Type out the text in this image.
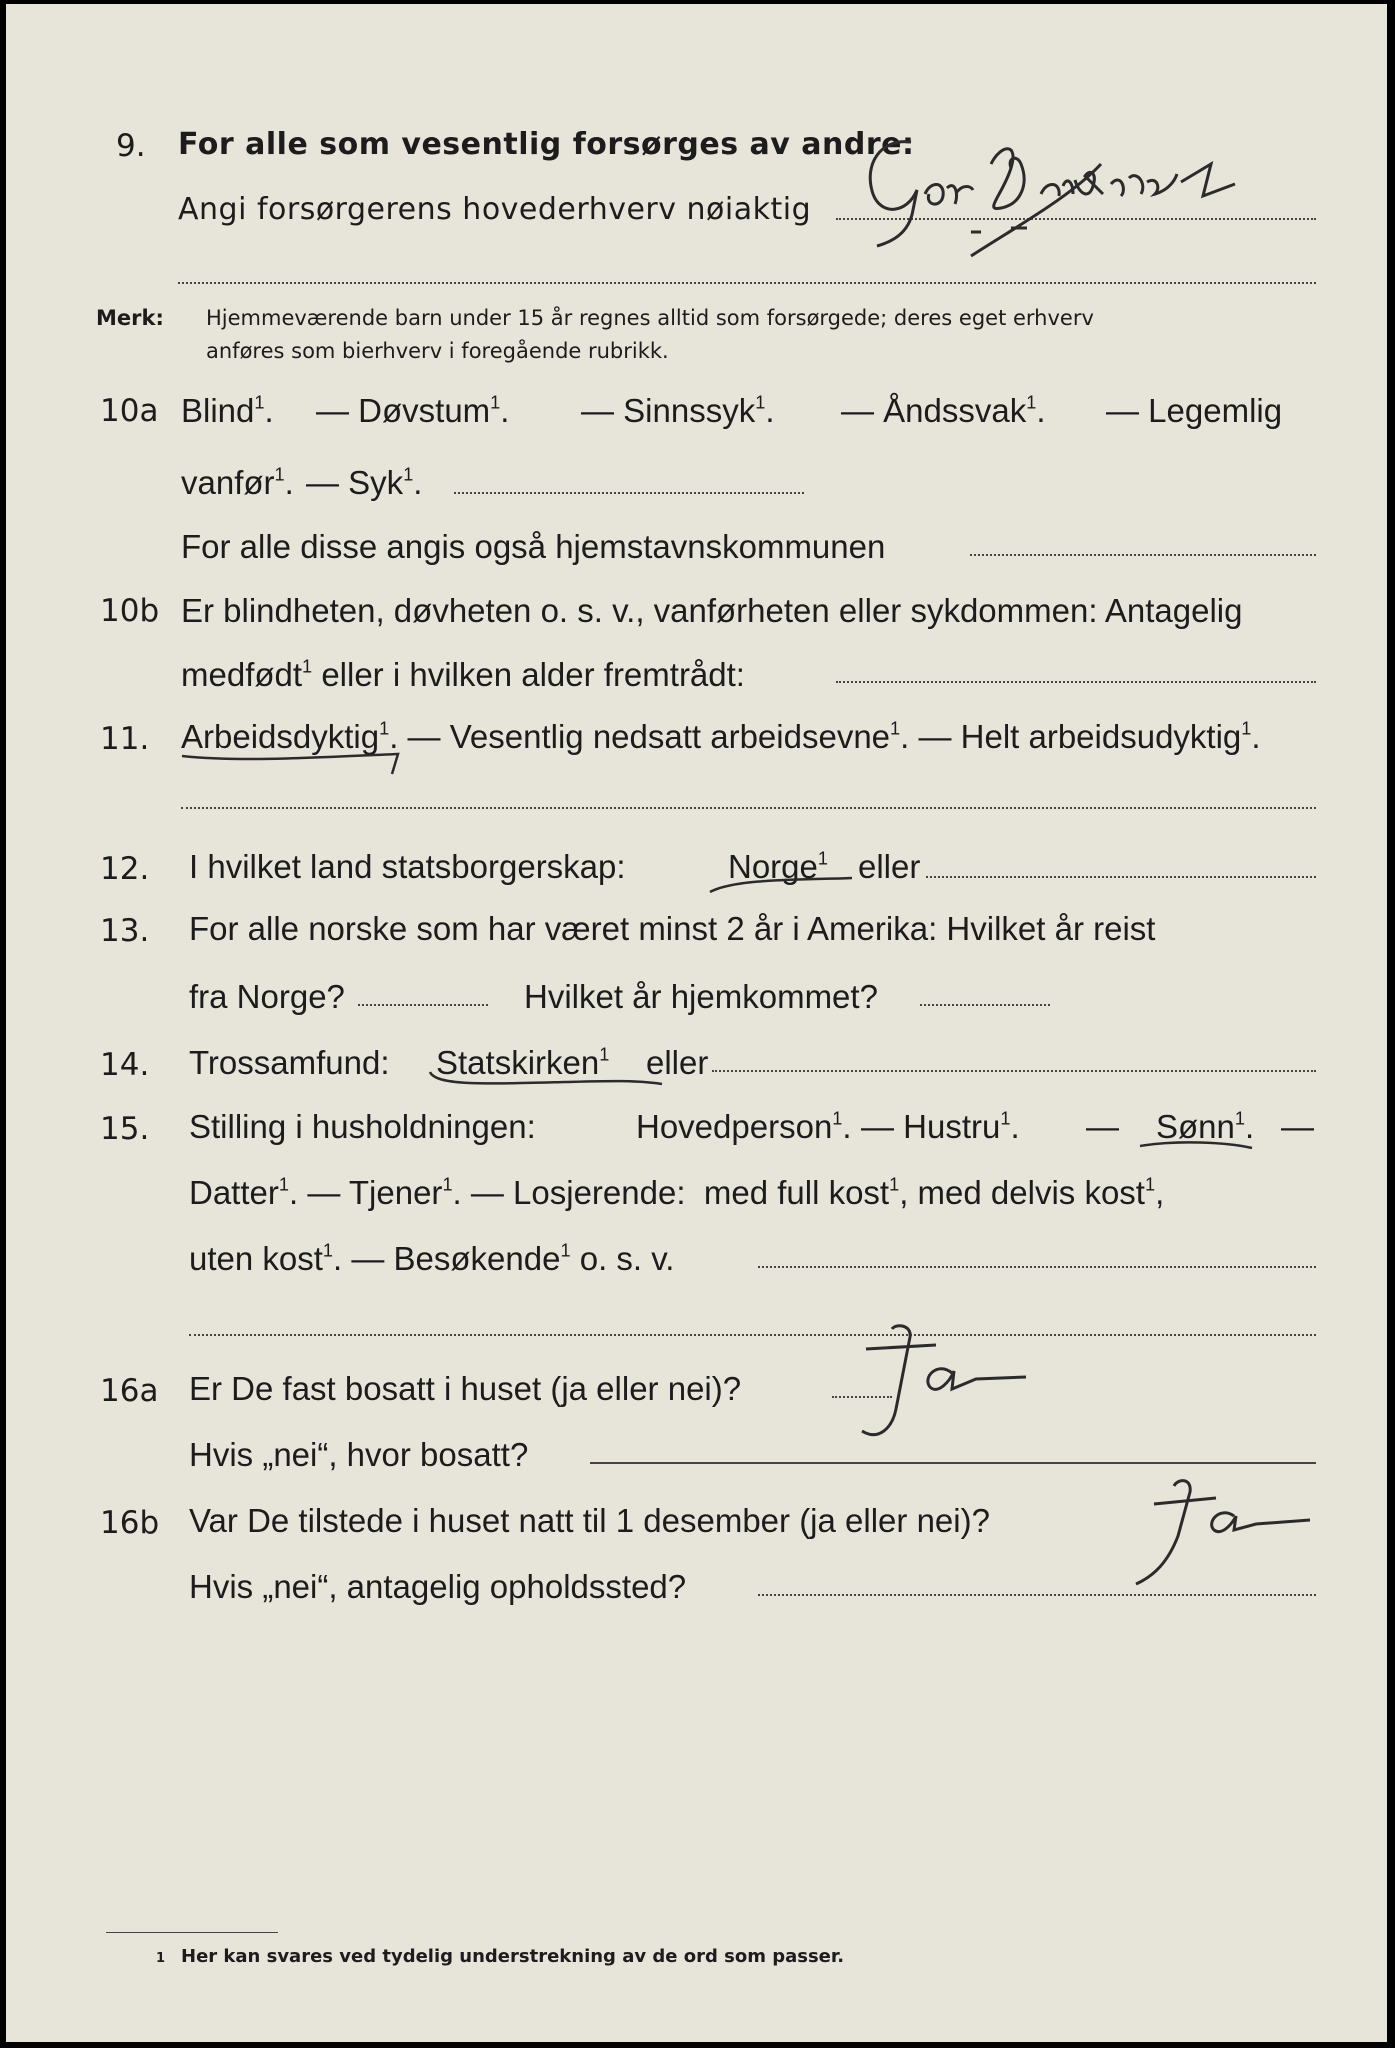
9. For alle som vesentlig forsørges av andre:
Angi forsørgerens hovederhverv nøiaktig
Merk: Hjemmeværende barn under 15 år regnes alltid som forsørgede; deres eget erhverv
anføres som bierhverv i foregående rubrikk.
10a Blind$^1$. — Døvstum$^1$. — Sinnssyk$^1$. — Åndssvak$^1$. — Legemlig
vanfør$^1$. — Syk$^1$.
For alle disse angis også hjemstavnskommunen
10b Er blindheten, døvheten o. s. v., vanførheten eller sykdommen: Antagelig
medfødt$^1$ eller i hvilken alder fremtrådt:
11. Arbeidsdyktig$^1$. — Vesentlig nedsatt arbeidsevne$^1$. — Helt arbeidsudyktig$^1$.
12. I hvilket land statsborgerskap:	Norge$^1$ eller
13. For alle norske som har været minst 2 år i Amerika: Hvilket år reist
fra Norge?	Hvilket år hjemkommet?
14. Trossamfund: Statskirken$^1$ eller
15. Stilling i husholdningen:	Hovedperson$^1$. — Hustru$^1$. — Sønn$^1$. —
Datter$^1$. — Tjener$^1$. — Losjerende: med full kost$^1$, med delvis kost$^1$,
uten kost$^1$. — Besøkende$^1$ o. s. v.
16a Er De fast bosatt i huset (ja eller nei)?
Hvis „nei“, hvor bosatt?
16b Var De tilstede i huset natt til 1 desember (ja eller nei)?
Hvis „nei“, antagelig opholdssted?
1 Her kan svares ved tydelig understrekning av de ord som passer.
